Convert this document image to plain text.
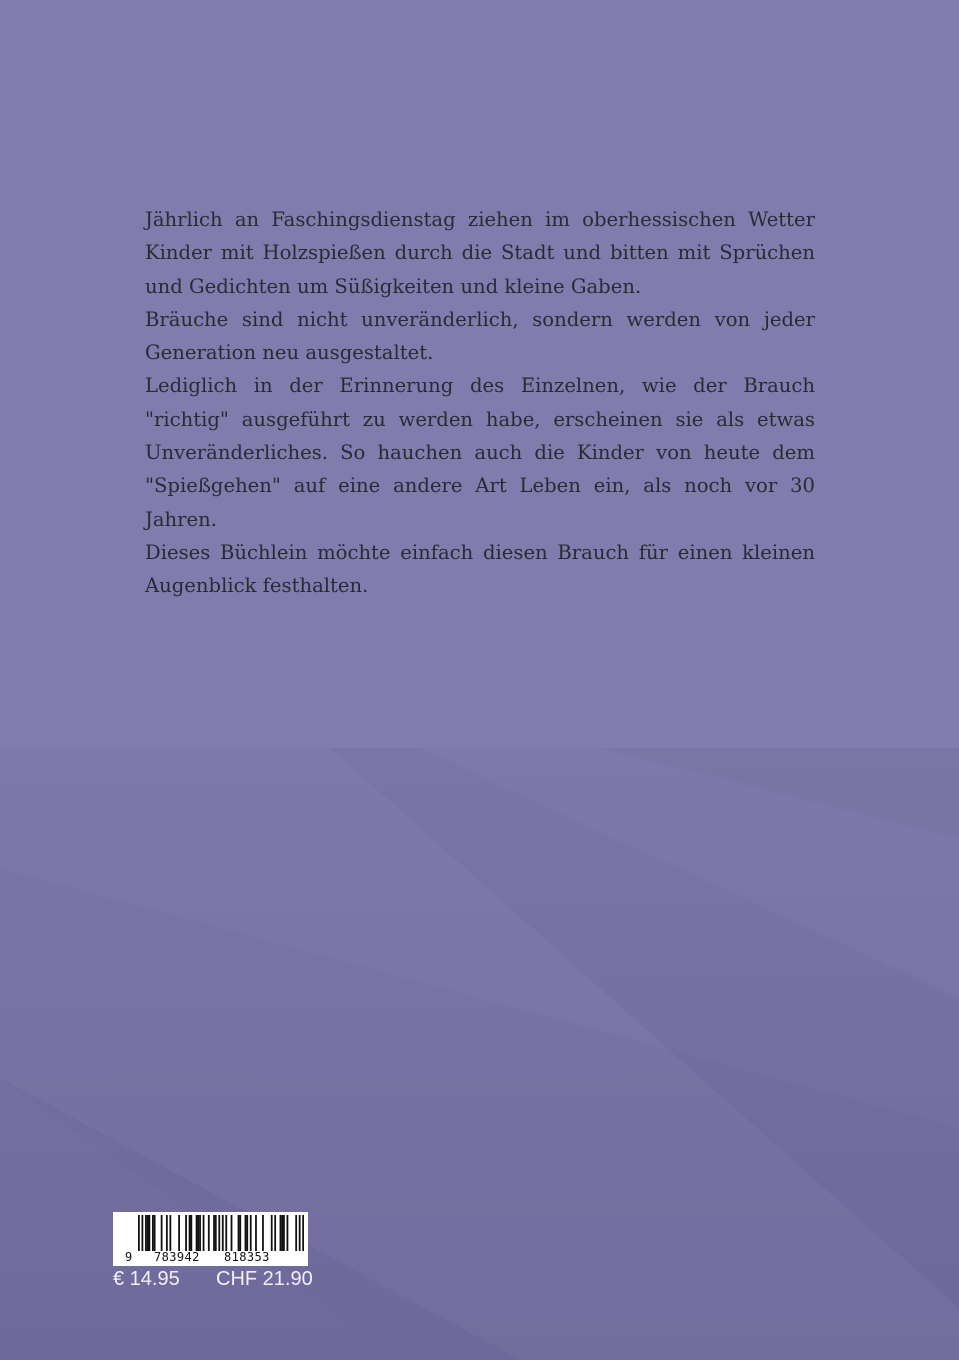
Jährlich an Faschingsdienstag ziehen im oberhessischen Wetter Kinder mit Holzspießen durch die Stadt und bitten mit Sprüchen und Gedichten um Süßigkeiten und kleine Gaben.

Bräuche sind nicht unveränderlich, sondern werden von jeder Generation neu ausgestaltet.

Lediglich in der Erinnerung des Einzelnen, wie der Brauch "richtig" ausgeführt zu werden habe, erscheinen sie als etwas Unveränderliches. So hauchen auch die Kinder von heute dem "Spießgehen" auf eine andere Art Leben ein, als noch vor 30 Jahren.

Dieses Büchlein möchte einfach diesen Brauch für einen kleinen Augenblick festhalten.

9 783942 818353
€ 14.95 CHF 21.90
